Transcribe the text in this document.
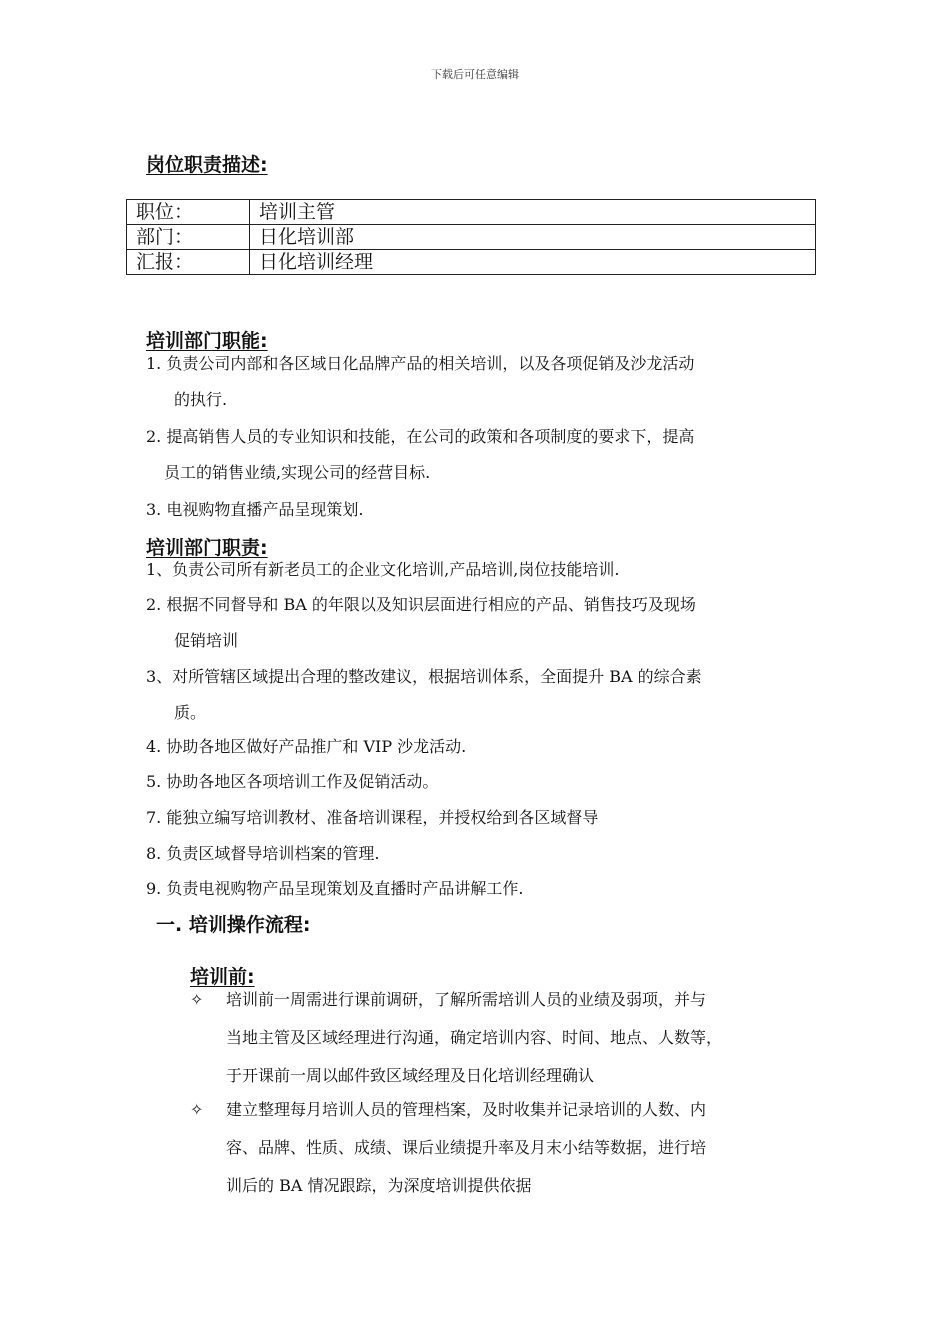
下载后可任意编辑
岗位职责描述:
职位：	培训主管
部门：	日化培训部
汇报：	日化培训经理
培训部门职能:
1. 负责公司内部和各区域日化品牌产品的相关培训，以及各项促销及沙龙活动
的执行.
2. 提高销售人员的专业知识和技能，在公司的政策和各项制度的要求下，提高
员工的销售业绩,实现公司的经营目标.
3. 电视购物直播产品呈现策划.
培训部门职责:
1、负责公司所有新老员工的企业文化培训,产品培训,岗位技能培训.
2. 根据不同督导和 BA 的年限以及知识层面进行相应的产品、销售技巧及现场
促销培训
3、对所管辖区域提出合理的整改建议，根据培训体系，全面提升 BA 的综合素
质。
4. 协助各地区做好产品推广和 VIP 沙龙活动.
5. 协助各地区各项培训工作及促销活动。
7. 能独立编写培训教材、准备培训课程，并授权给到各区域督导
8. 负责区域督导培训档案的管理.
9. 负责电视购物产品呈现策划及直播时产品讲解工作.
一. 培训操作流程:
培训前:
✧	培训前一周需进行课前调研，了解所需培训人员的业绩及弱项，并与
当地主管及区域经理进行沟通，确定培训内容、时间、地点、人数等，
于开课前一周以邮件致区域经理及日化培训经理确认
✧	建立整理每月培训人员的管理档案，及时收集并记录培训的人数、内
容、品牌、性质、成绩、课后业绩提升率及月末小结等数据，进行培
训后的 BA 情况跟踪，为深度培训提供依据
